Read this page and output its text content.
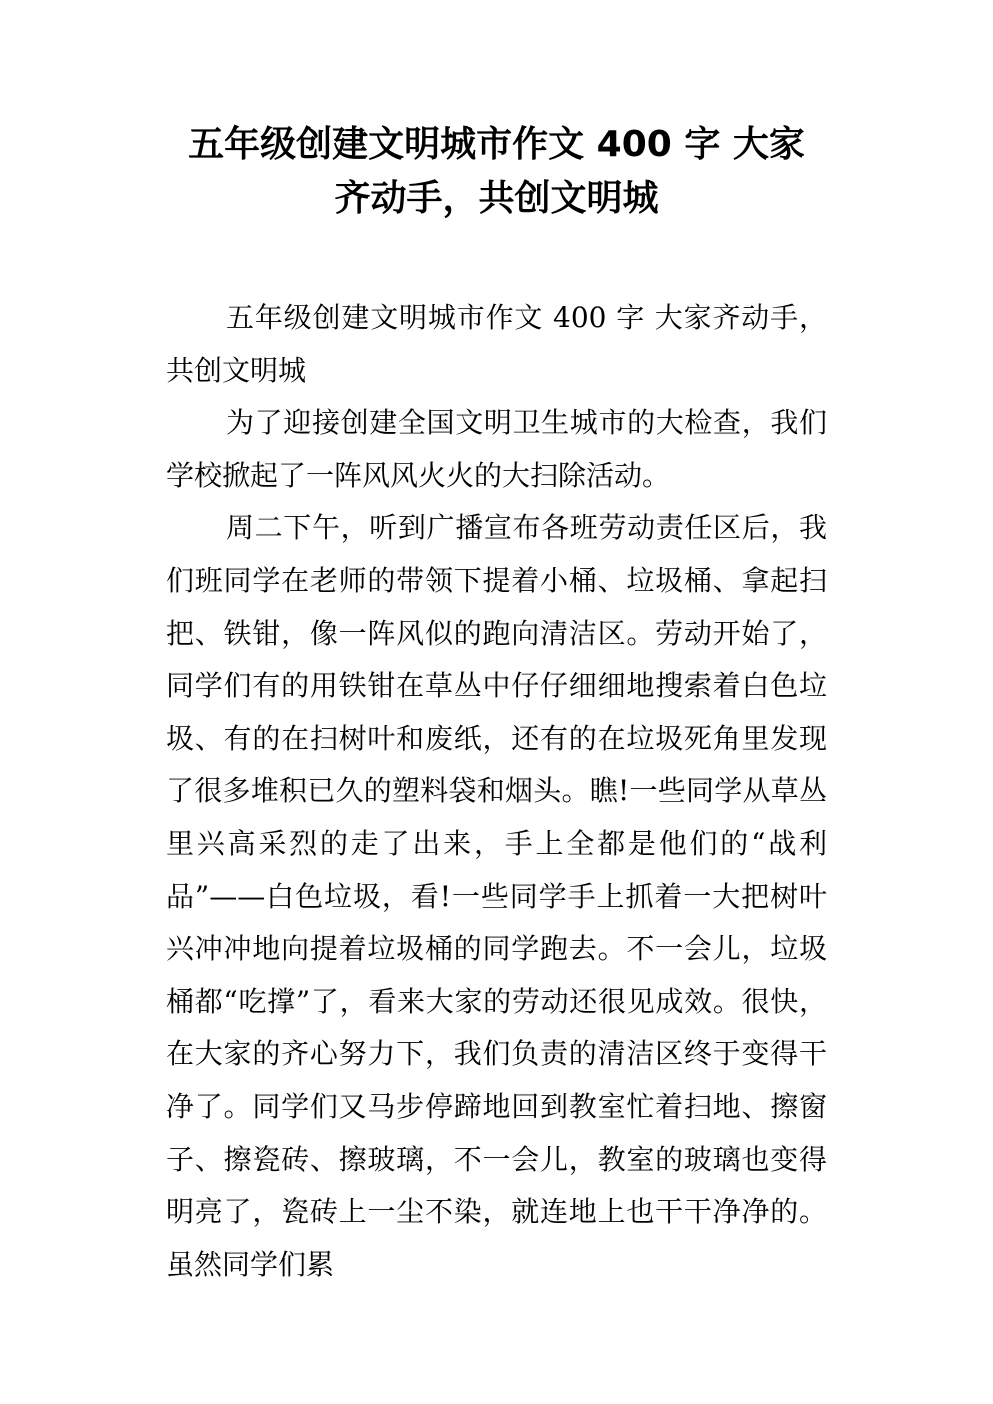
五年级创建文明城市作文 400 字 大家
齐动手，共创文明城

五年级创建文明城市作文 400 字 大家齐动手，共创文明城

为了迎接创建全国文明卫生城市的大检查，我们学校掀起了一阵风风火火的大扫除活动。

周二下午，听到广播宣布各班劳动责任区后，我们班同学在老师的带领下提着小桶、垃圾桶、拿起扫把、铁钳，像一阵风似的跑向清洁区。劳动开始了，同学们有的用铁钳在草丛中仔仔细细地搜索着白色垃圾、有的在扫树叶和废纸，还有的在垃圾死角里发现了很多堆积已久的塑料袋和烟头。瞧!一些同学从草丛里兴高采烈的走了出来，手上全都是他们的“战利品”——白色垃圾，看!一些同学手上抓着一大把树叶兴冲冲地向提着垃圾桶的同学跑去。不一会儿，垃圾桶都“吃撑”了，看来大家的劳动还很见成效。很快，在大家的齐心努力下，我们负责的清洁区终于变得干净了。同学们又马步停蹄地回到教室忙着扫地、擦窗子、擦瓷砖、擦玻璃，不一会儿，教室的玻璃也变得明亮了，瓷砖上一尘不染，就连地上也干干净净的。虽然同学们累
